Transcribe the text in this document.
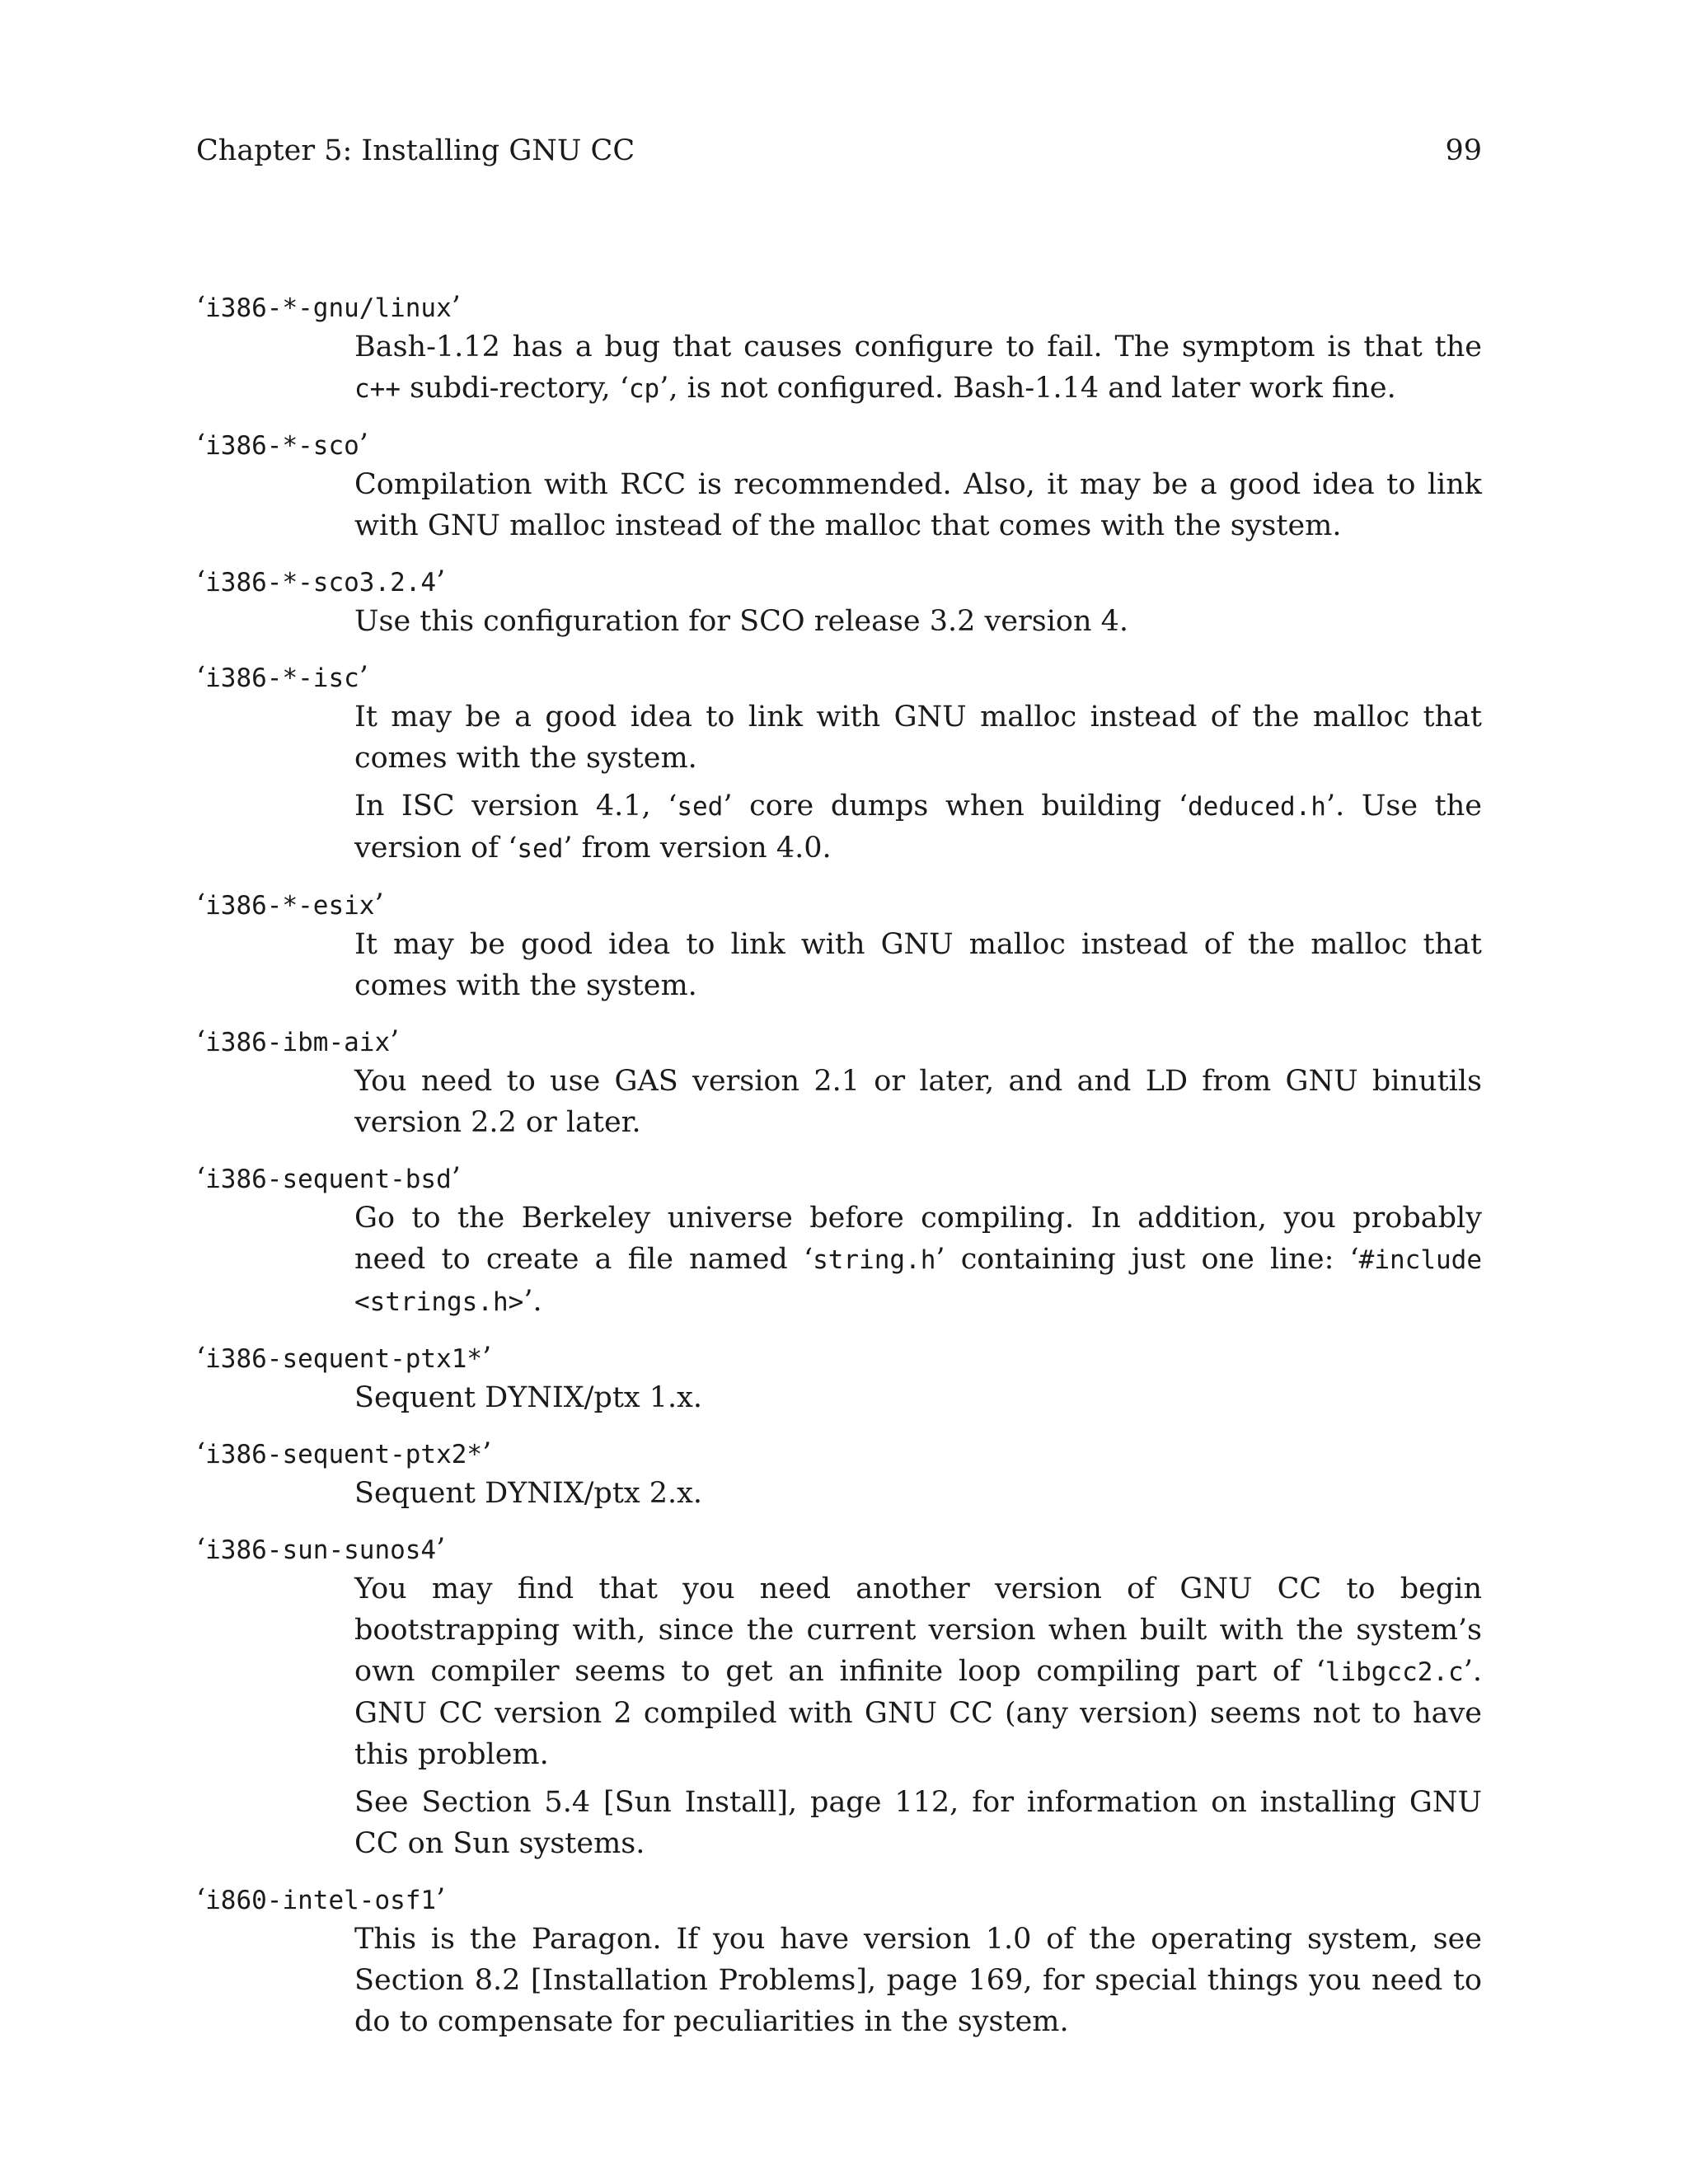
Chapter 5: Installing GNU CC	99
‘i386-*-gnu/linux’
Bash-1.12 has a bug that causes configure to fail. The symptom is that the c++ subdi-rectory, ‘cp’, is not configured. Bash-1.14 and later work fine.
‘i386-*-sco’
Compilation with RCC is recommended. Also, it may be a good idea to link with GNU malloc instead of the malloc that comes with the system.
‘i386-*-sco3.2.4’
Use this configuration for SCO release 3.2 version 4.
‘i386-*-isc’
It may be a good idea to link with GNU malloc instead of the malloc that comes with the system.
In ISC version 4.1, ‘sed’ core dumps when building ‘deduced.h’. Use the version of ‘sed’ from version 4.0.
‘i386-*-esix’
It may be good idea to link with GNU malloc instead of the malloc that comes with the system.
‘i386-ibm-aix’
You need to use GAS version 2.1 or later, and and LD from GNU binutils version 2.2 or later.
‘i386-sequent-bsd’
Go to the Berkeley universe before compiling. In addition, you probably need to create a file named ‘string.h’ containing just one line: ‘#include <strings.h>’.
‘i386-sequent-ptx1*’
Sequent DYNIX/ptx 1.x.
‘i386-sequent-ptx2*’
Sequent DYNIX/ptx 2.x.
‘i386-sun-sunos4’
You may find that you need another version of GNU CC to begin bootstrapping with, since the current version when built with the system’s own compiler seems to get an infinite loop compiling part of ‘libgcc2.c’. GNU CC version 2 compiled with GNU CC (any version) seems not to have this problem.
See Section 5.4 [Sun Install], page 112, for information on installing GNU CC on Sun systems.
‘i860-intel-osf1’
This is the Paragon. If you have version 1.0 of the operating system, see Section 8.2 [Installation Problems], page 169, for special things you need to do to compensate for peculiarities in the system.
